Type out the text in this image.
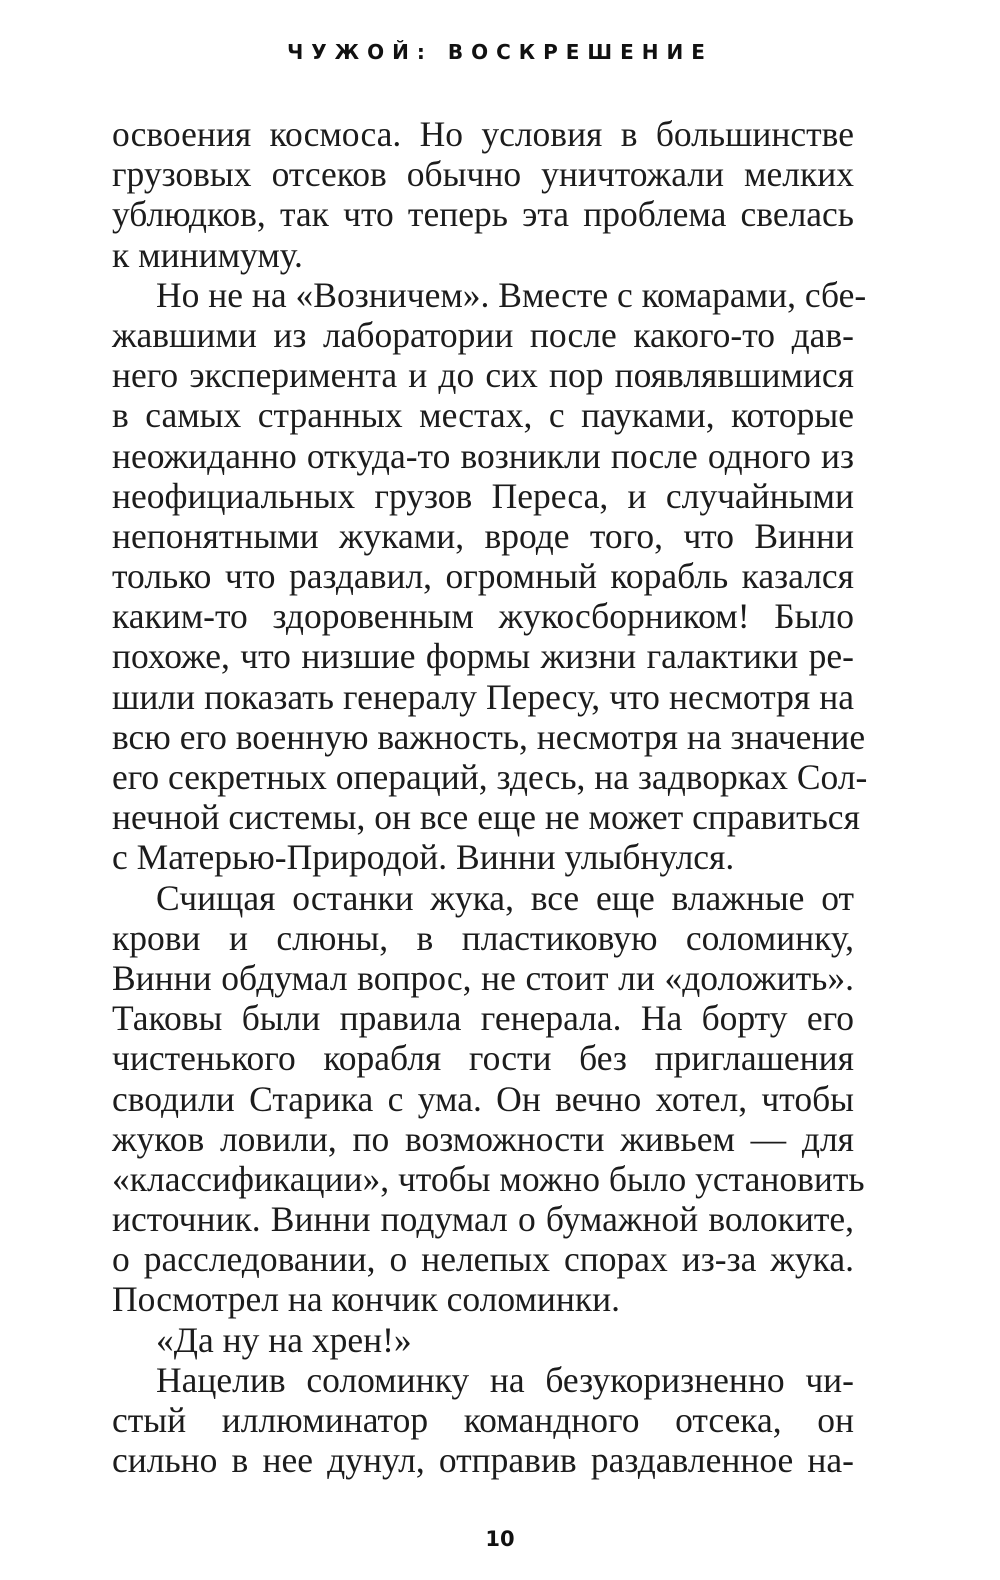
ЧУЖОЙ: ВОСКРЕШЕНИЕ
освоения космоса. Но условия в большинстве
грузовых отсеков обычно уничтожали мелких
ублюдков, так что теперь эта проблема свелась
к минимуму.
Но не на «Возничем». Вместе с комарами, сбе-
жавшими из лаборатории после какого-то дав-
него эксперимента и до сих пор появлявшимися
в самых странных местах, с пауками, которые
неожиданно откуда-то возникли после одного из
неофициальных грузов Переса, и случайными
непонятными жуками, вроде того, что Винни
только что раздавил, огромный корабль казался
каким-то здоровенным жукосборником! Было
похоже, что низшие формы жизни галактики ре-
шили показать генералу Пересу, что несмотря на
всю его военную важность, несмотря на значение
его секретных операций, здесь, на задворках Сол-
нечной системы, он все еще не может справиться
с Матерью-Природой. Винни улыбнулся.
Счищая останки жука, все еще влажные от
крови и слюны, в пластиковую соломинку,
Винни обдумал вопрос, не стоит ли «доложить».
Таковы были правила генерала. На борту его
чистенького корабля гости без приглашения
сводили Старика с ума. Он вечно хотел, чтобы
жуков ловили, по возможности живьем — для
«классификации», чтобы можно было установить
источник. Винни подумал о бумажной волоките,
о расследовании, о нелепых спорах из-за жука.
Посмотрел на кончик соломинки.
«Да ну на хрен!»
Нацелив соломинку на безукоризненно чи-
стый иллюминатор командного отсека, он
сильно в нее дунул, отправив раздавленное на-
10
